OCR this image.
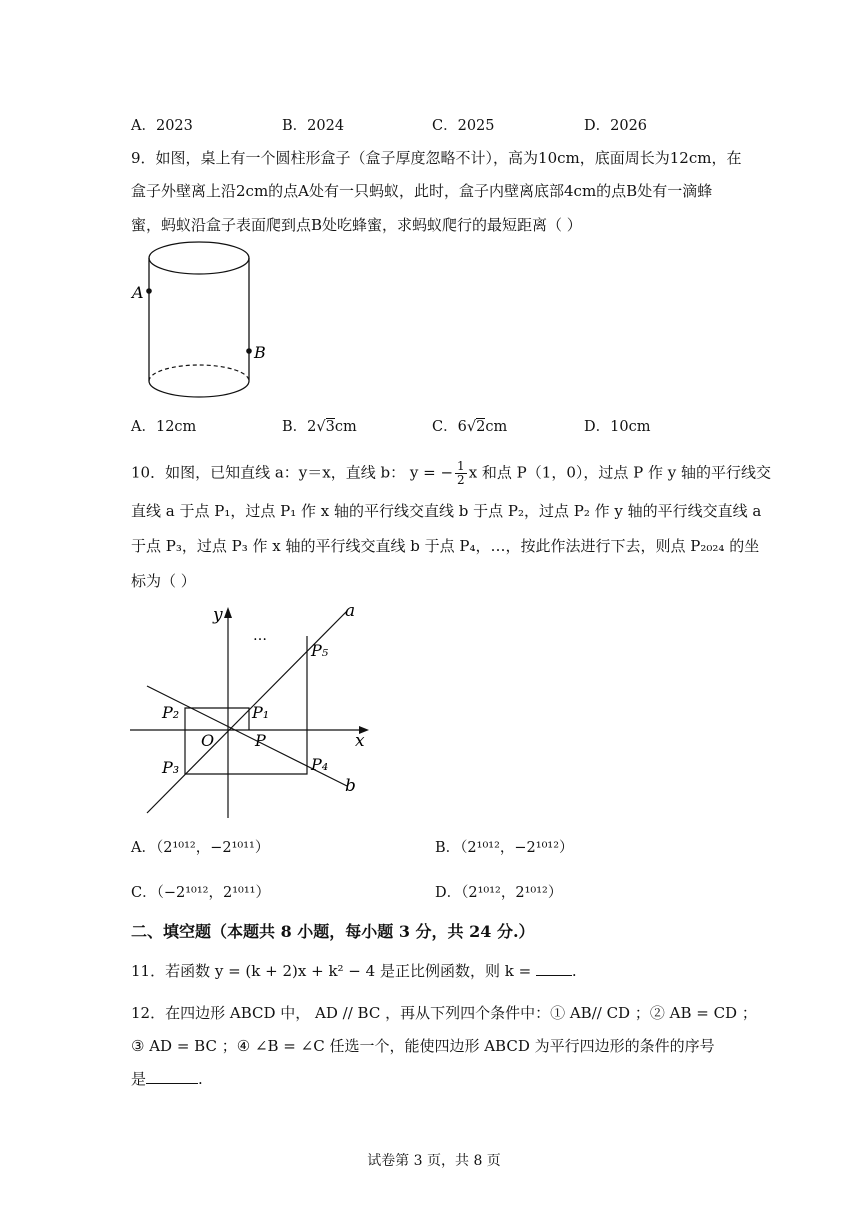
A．2023	B．2024	C．2025	D．2026
9．如图，桌上有一个圆柱形盒子（盒子厚度忽略不计），高为10cm，底面周长为12cm，在
盒子外壁离上沿2cm的点A处有一只蚂蚁，此时，盒子内壁离底部4cm的点B处有一滴蜂
蜜，蚂蚁沿盒子表面爬到点B处吃蜂蜜，求蚂蚁爬行的最短距离（ ）
A
B
A．12cm	B．2√3cm	C．6√2cm	D．10cm
10．如图，已知直线 a：y＝x，直线 b： y = − $\frac{1}{2}$ x 和点 P（1，0），过点 P 作 y 轴的平行线交
直线 a 于点 P₁，过点 P₁ 作 x 轴的平行线交直线 b 于点 P₂，过点 P₂ 作 y 轴的平行线交直线 a
于点 P₃，过点 P₃ 作 x 轴的平行线交直线 b 于点 P₄，…，按此作法进行下去，则点 P₂₀₂₄ 的坐
标为（ ）
y
x
a
b
O	P
…
P₁
P₂
P₃	P₄
P₅
A．（2¹⁰¹²，−2¹⁰¹¹）	B．（2¹⁰¹²，−2¹⁰¹²）
C．（−2¹⁰¹²，2¹⁰¹¹）	D．（2¹⁰¹²，2¹⁰¹²）
二、填空题（本题共 8 小题，每小题 3 分，共 24 分.）
11．若函数 y = (k + 2)x + k² − 4 是正比例函数，则 k = .
12．在四边形 ABCD 中， AD // BC ，再从下列四个条件中：① AB// CD ；② AB = CD ；
③ AD = BC ；④ ∠B = ∠C 任选一个，能使四边形 ABCD 为平行四边形的条件的序号
是	.
试卷第 3 页，共 8 页
